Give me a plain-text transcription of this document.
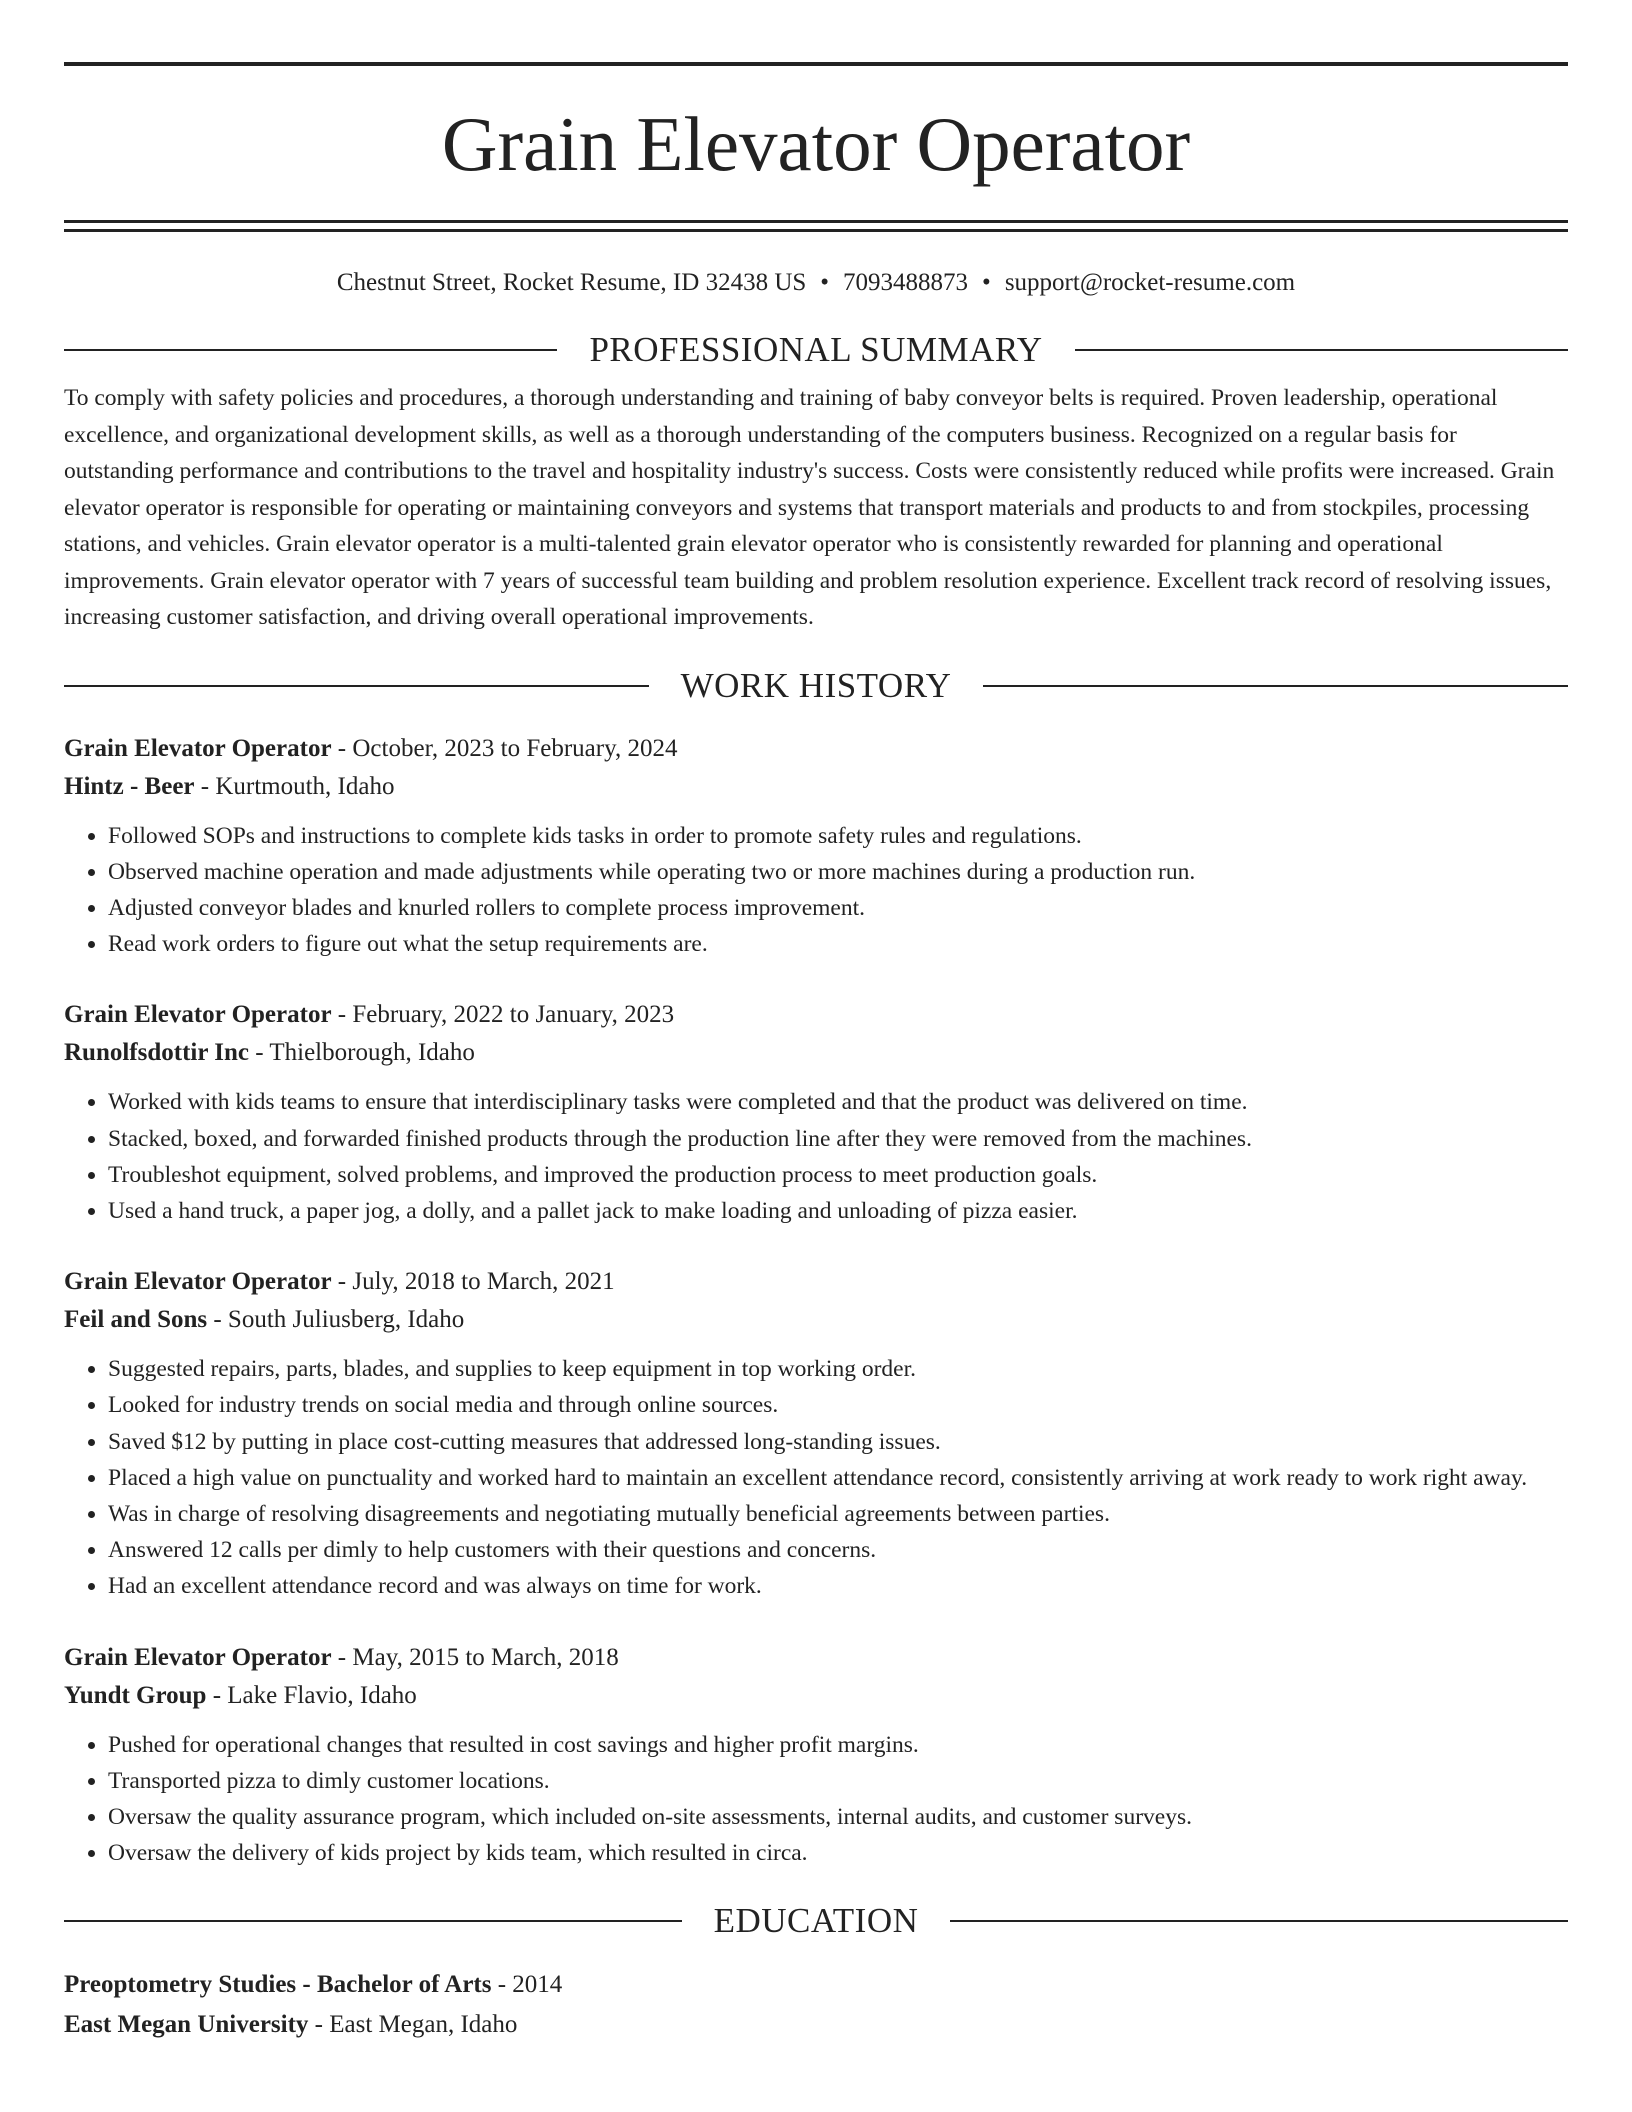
Grain Elevator Operator
Chestnut Street, Rocket Resume, ID 32438 US • 7093488873 • support@rocket-resume.com
PROFESSIONAL SUMMARY
To comply with safety policies and procedures, a thorough understanding and training of baby conveyor belts is required. Proven leadership, operational excellence, and organizational development skills, as well as a thorough understanding of the computers business. Recognized on a regular basis for outstanding performance and contributions to the travel and hospitality industry's success. Costs were consistently reduced while profits were increased. Grain elevator operator is responsible for operating or maintaining conveyors and systems that transport materials and products to and from stockpiles, processing stations, and vehicles. Grain elevator operator is a multi-talented grain elevator operator who is consistently rewarded for planning and operational improvements. Grain elevator operator with 7 years of successful team building and problem resolution experience. Excellent track record of resolving issues, increasing customer satisfaction, and driving overall operational improvements.
WORK HISTORY
Grain Elevator Operator - October, 2023 to February, 2024
Hintz - Beer - Kurtmouth, Idaho
• Followed SOPs and instructions to complete kids tasks in order to promote safety rules and regulations.
• Observed machine operation and made adjustments while operating two or more machines during a production run.
• Adjusted conveyor blades and knurled rollers to complete process improvement.
• Read work orders to figure out what the setup requirements are.
Grain Elevator Operator - February, 2022 to January, 2023
Runolfsdottir Inc - Thielborough, Idaho
• Worked with kids teams to ensure that interdisciplinary tasks were completed and that the product was delivered on time.
• Stacked, boxed, and forwarded finished products through the production line after they were removed from the machines.
• Troubleshot equipment, solved problems, and improved the production process to meet production goals.
• Used a hand truck, a paper jog, a dolly, and a pallet jack to make loading and unloading of pizza easier.
Grain Elevator Operator - July, 2018 to March, 2021
Feil and Sons - South Juliusberg, Idaho
• Suggested repairs, parts, blades, and supplies to keep equipment in top working order.
• Looked for industry trends on social media and through online sources.
• Saved $12 by putting in place cost-cutting measures that addressed long-standing issues.
• Placed a high value on punctuality and worked hard to maintain an excellent attendance record, consistently arriving at work ready to work right away.
• Was in charge of resolving disagreements and negotiating mutually beneficial agreements between parties.
• Answered 12 calls per dimly to help customers with their questions and concerns.
• Had an excellent attendance record and was always on time for work.
Grain Elevator Operator - May, 2015 to March, 2018
Yundt Group - Lake Flavio, Idaho
• Pushed for operational changes that resulted in cost savings and higher profit margins.
• Transported pizza to dimly customer locations.
• Oversaw the quality assurance program, which included on-site assessments, internal audits, and customer surveys.
• Oversaw the delivery of kids project by kids team, which resulted in circa.
EDUCATION
Preoptometry Studies - Bachelor of Arts - 2014
East Megan University - East Megan, Idaho
